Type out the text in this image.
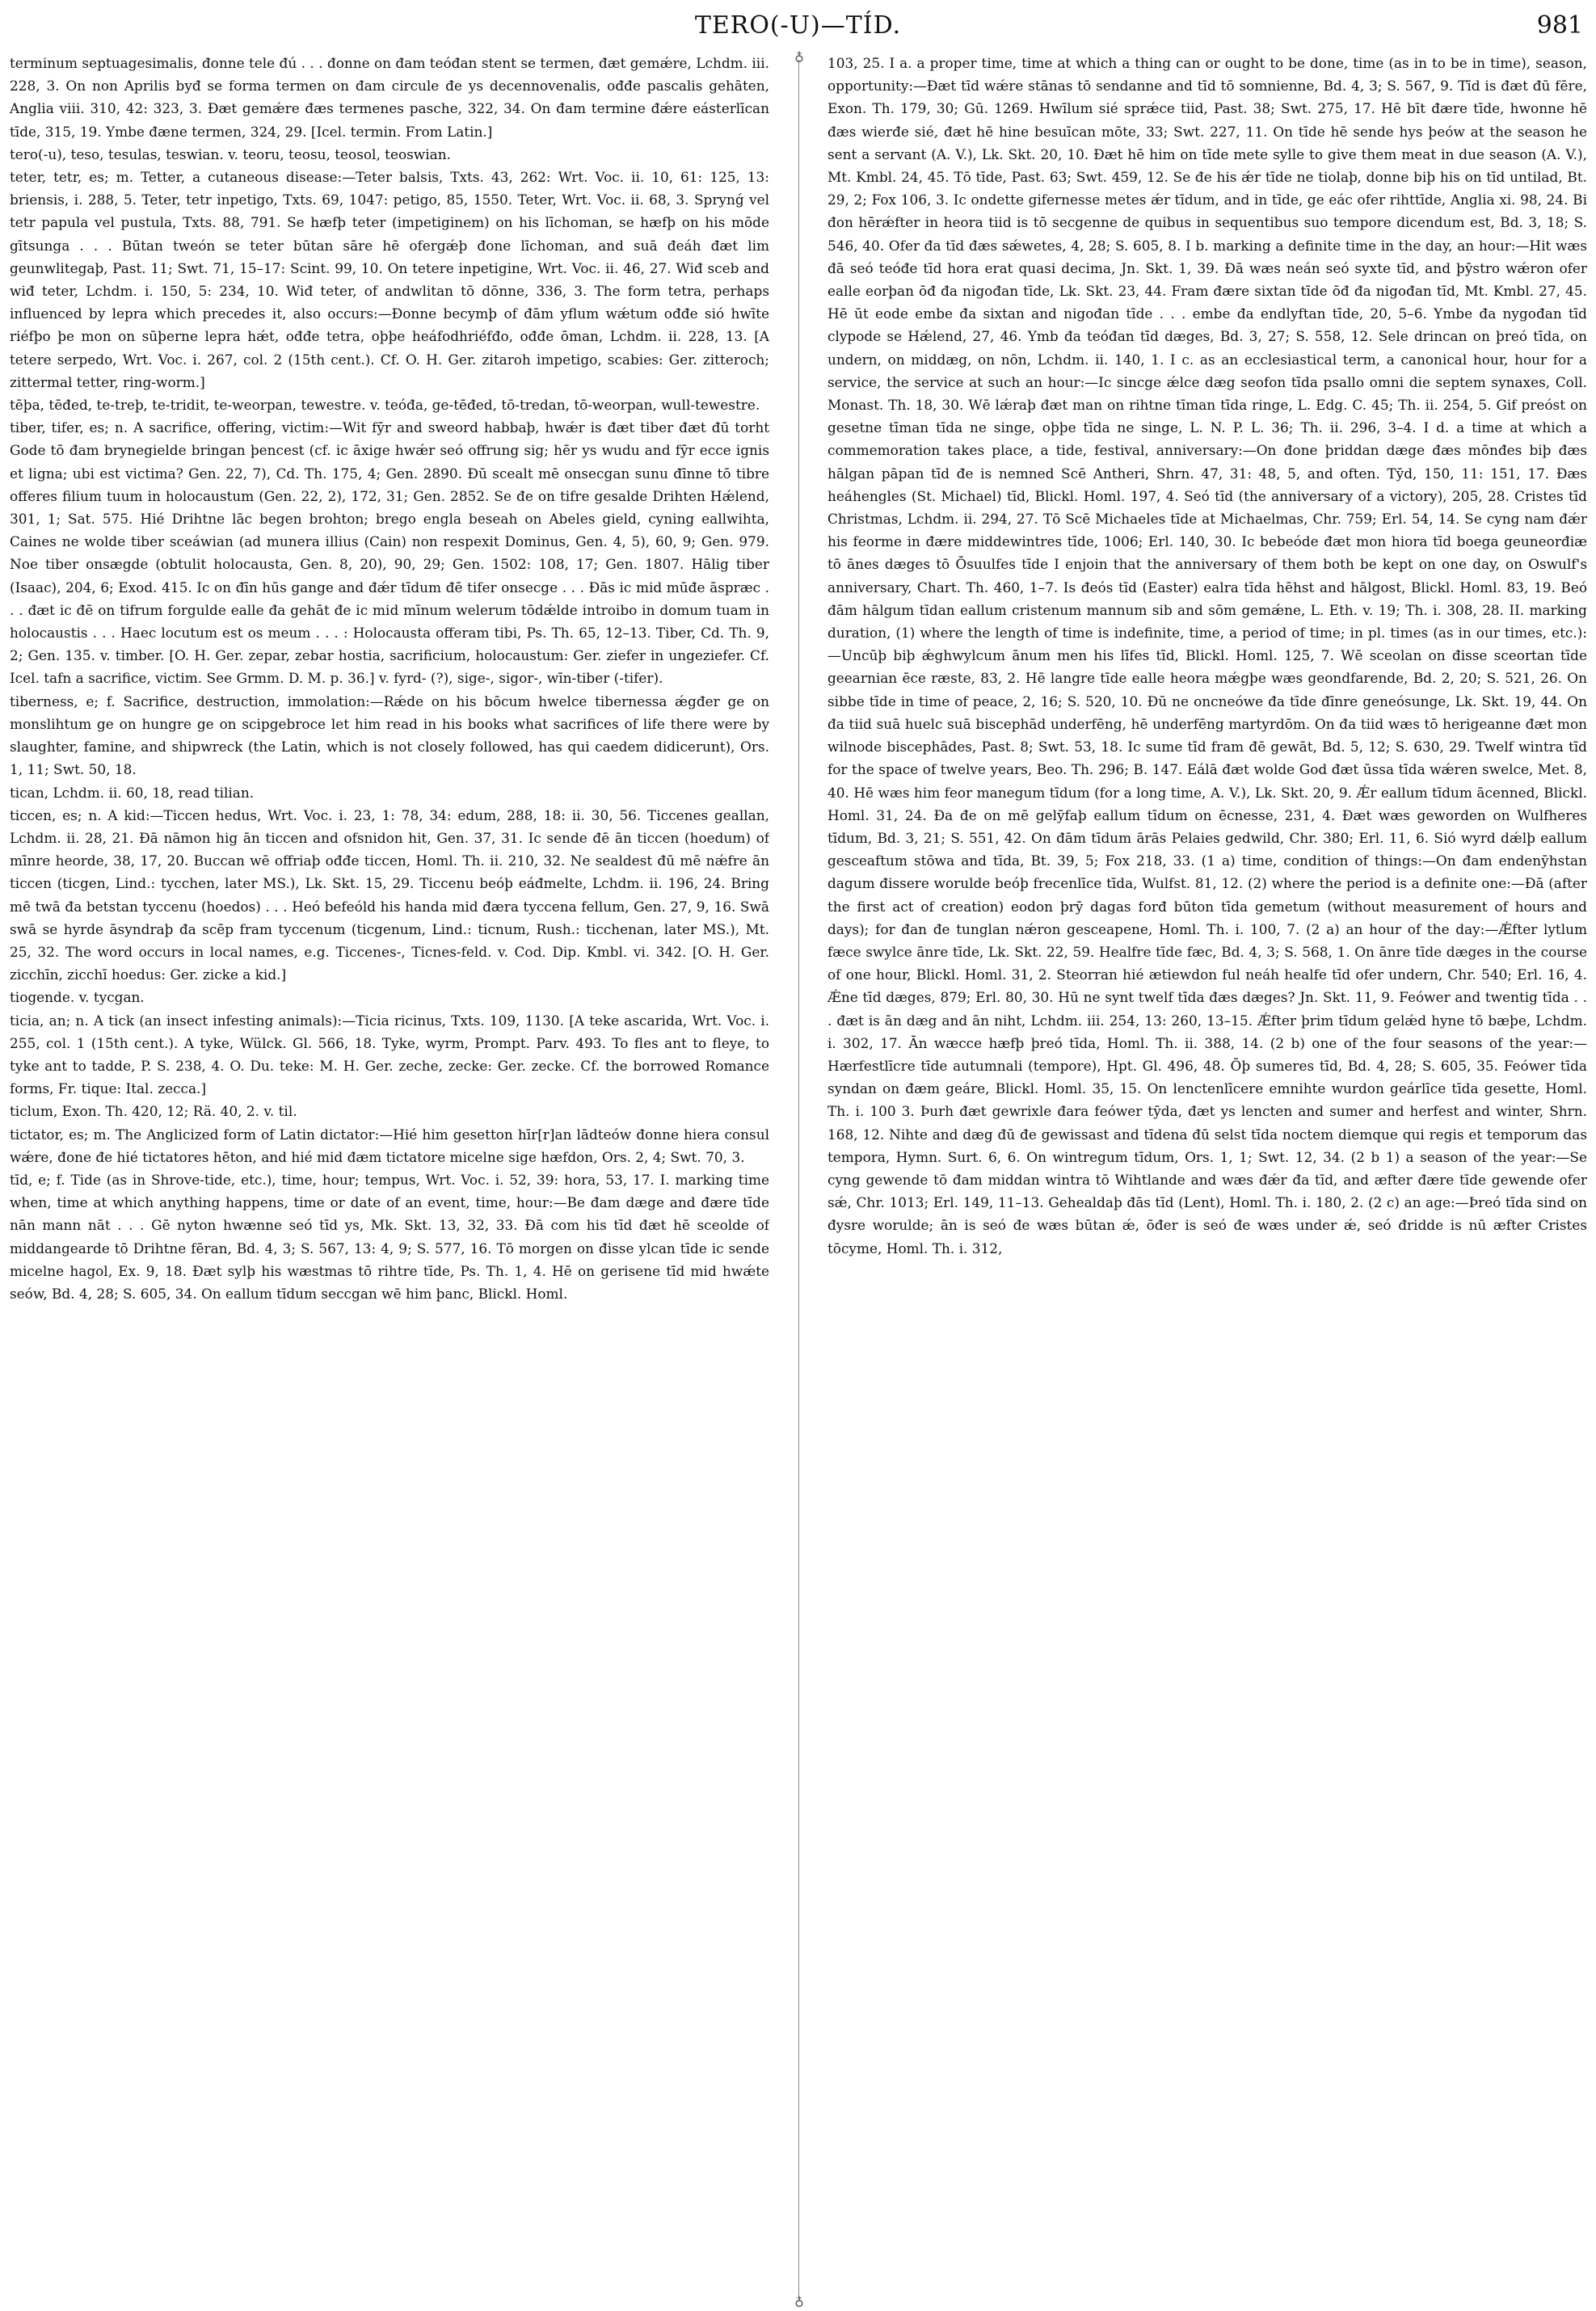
TERO(-U)—TÍD.	981
♁
♁

terminum septuagesimalis, đonne tele đú . . . đonne on đam teóđan stent se termen, đæt gemǽre, Lchdm. iii. 228, 3. On non Aprilis byđ se forma termen on đam circule đe ys decennovenalis, ođđe pascalis gehāten, Anglia viii. 310, 42: 323, 3. Đæt gemǽre đæs termenes pasche, 322, 34. On đam termine đǽre eásterlīcan tīde, 315, 19. Ymbe đæne termen, 324, 29. [Icel. termin. From Latin.]

tero(-u), teso, tesulas, teswian. v. teoru, teosu, teosol, teoswian.

teter, tetr, es; m. Tetter, a cutaneous disease:—Teter balsis, Txts. 43, 262: Wrt. Voc. ii. 10, 61: 125, 13: briensis, i. 288, 5. Teter, tetr inpetigo, Txts. 69, 1047: petigo, 85, 1550. Teter, Wrt. Voc. ii. 68, 3. Sprynǵ vel tetr papula vel pustula, Txts. 88, 791. Se hæfþ teter (impetiginem) on his līchoman, se hæfþ on his mōde gītsunga . . . Būtan tweón se teter būtan sāre hē ofergǽþ đone līchoman, and suā đeáh đæt lim geunwlitegaþ, Past. 11; Swt. 71, 15–17: Scint. 99, 10. On tetere inpetigine, Wrt. Voc. ii. 46, 27. Wiđ sceb and wiđ teter, Lchdm. i. 150, 5: 234, 10. Wiđ teter, of andwlitan tō dōnne, 336, 3. The form tetra, perhaps influenced by lepra which precedes it, also occurs:—Đonne becymþ of đām yflum wǽtum ođđe sió hwīte riéfþo þe mon on sūþerne lepra hǽt, ođđe tetra, oþþe heáfodhriéfđo, ođđe ōman, Lchdm. ii. 228, 13. [A tetere serpedo, Wrt. Voc. i. 267, col. 2 (15th cent.). Cf. O. H. Ger. zitaroh impetigo, scabies: Ger. zitteroch; zittermal tetter, ring-worm.]

tēþa, tēđed, te-treþ, te-tridit, te-weorpan, tewestre. v. teóđa, ge-tēđed, tō-tredan, tō-weorpan, wull-tewestre.

tiber, tifer, es; n. A sacrifice, offering, victim:—Wit fȳr and sweord habbaþ, hwǽr is đæt tiber đæt đū torht Gode tō đam brynegielde bringan þencest (cf. ic āxige hwǽr seó offrung sig; hēr ys wudu and fȳr ecce ignis et ligna; ubi est victima? Gen. 22, 7), Cd. Th. 175, 4; Gen. 2890. Đū scealt mē onsecgan sunu đīnne tō tibre offeres filium tuum in holocaustum (Gen. 22, 2), 172, 31; Gen. 2852. Se đe on tifre gesalde Drihten Hǽlend, 301, 1; Sat. 575. Hié Drihtne lāc begen brohton; brego engla beseah on Abeles gield, cyning eallwihta, Caines ne wolde tiber sceáwian (ad munera illius (Cain) non respexit Dominus, Gen. 4, 5), 60, 9; Gen. 979. Noe tiber onsægde (obtulit holocausta, Gen. 8, 20), 90, 29; Gen. 1502: 108, 17; Gen. 1807. Hālig tiber (Isaac), 204, 6; Exod. 415. Ic on đīn hūs gange and đǽr tīdum đē tifer onsecge . . . Đās ic mid mūđe āspræc . . . đæt ic đē on tifrum forgulde ealle đa gehāt đe ic mid mīnum welerum tōdǽlde introibo in domum tuam in holocaustis . . . Haec locutum est os meum . . . : Holocausta offeram tibi, Ps. Th. 65, 12–13. Tiber, Cd. Th. 9, 2; Gen. 135. v. timber. [O. H. Ger. zepar, zebar hostia, sacrificium, holocaustum: Ger. ziefer in ungeziefer. Cf. Icel. tafn a sacrifice, victim. See Grmm. D. M. p. 36.] v. fyrd- (?), sige-, sigor-, wīn-tiber (-tifer).

tiberness, e; f. Sacrifice, destruction, immolation:—Rǽde on his bōcum hwelce tibernessa ǽgđer ge on monslihtum ge on hungre ge on scipgebroce let him read in his books what sacrifices of life there were by slaughter, famine, and shipwreck (the Latin, which is not closely followed, has qui caedem didicerunt), Ors. 1, 11; Swt. 50, 18.

tican, Lchdm. ii. 60, 18, read tilian.

ticcen, es; n. A kid:—Ticcen hedus, Wrt. Voc. i. 23, 1: 78, 34: edum, 288, 18: ii. 30, 56. Ticcenes geallan, Lchdm. ii. 28, 21. Đā nāmon hig ān ticcen and ofsnidon hit, Gen. 37, 31. Ic sende đē ān ticcen (hoedum) of mīnre heorde, 38, 17, 20. Buccan wē offriaþ ođđe ticcen, Homl. Th. ii. 210, 32. Ne sealdest đū mē nǽfre ān ticcen (ticgen, Lind.: tycchen, later MS.), Lk. Skt. 15, 29. Ticcenu beóþ eáđmelte, Lchdm. ii. 196, 24. Bring mē twā đa betstan tyccenu (hoedos) . . . Heó befeóld his handa mid đæra tyccena fellum, Gen. 27, 9, 16. Swā swā se hyrde āsyndraþ đa scēp fram tyccenum (ticgenum, Lind.: ticnum, Rush.: ticchenan, later MS.), Mt. 25, 32. The word occurs in local names, e.g. Ticcenes-, Ticnes-feld. v. Cod. Dip. Kmbl. vi. 342. [O. H. Ger. zicchīn, zicchī hoedus: Ger. zicke a kid.]

tiogende. v. tycgan.

ticia, an; n. A tick (an insect infesting animals):—Ticia ricinus, Txts. 109, 1130. [A teke ascarida, Wrt. Voc. i. 255, col. 1 (15th cent.). A tyke, Wülck. Gl. 566, 18. Tyke, wyrm, Prompt. Parv. 493. To fles ant to fleye, to tyke ant to tadde, P. S. 238, 4. O. Du. teke: M. H. Ger. zeche, zecke: Ger. zecke. Cf. the borrowed Romance forms, Fr. tique: Ital. zecca.]

ticlum, Exon. Th. 420, 12; Rä. 40, 2. v. til.

tictator, es; m. The Anglicized form of Latin dictator:—Hié him gesetton hīr[r]an lādteów đonne hiera consul wǽre, đone đe hié tictatores hēton, and hié mid đæm tictatore micelne sige hæfdon, Ors. 2, 4; Swt. 70, 3.

tīd, e; f. Tide (as in Shrove-tide, etc.), time, hour; tempus, Wrt. Voc. i. 52, 39: hora, 53, 17. I. marking time when, time at which anything happens, time or date of an event, time, hour:—Be đam dæge and đære tīde nān mann nāt . . . Gē nyton hwænne seó tīd ys, Mk. Skt. 13, 32, 33. Đā com his tīd đæt hē sceolde of middangearde tō Drihtne fēran, Bd. 4, 3; S. 567, 13: 4, 9; S. 577, 16. Tō morgen on đisse ylcan tīde ic sende micelne hagol, Ex. 9, 18. Đæt sylþ his wæstmas tō rihtre tīde, Ps. Th. 1, 4. Hē on gerisene tīd mid hwǽte seów, Bd. 4, 28; S. 605, 34. On eallum tīdum seccgan wē him þanc, Blickl. Homl.

103, 25. I a. a proper time, time at which a thing can or ought to be done, time (as in to be in time), season, opportunity:—Đæt tīd wǽre stānas tō sendanne and tīd tō somnienne, Bd. 4, 3; S. 567, 9. Tīd is đæt đū fēre, Exon. Th. 179, 30; Gū. 1269. Hwīlum sié sprǽce tiid, Past. 38; Swt. 275, 17. Hē bīt đære tīde, hwonne hē đæs wierđe sié, đæt hē hine besuīcan mōte, 33; Swt. 227, 11. On tīde hē sende hys þeów at the season he sent a servant (A. V.), Lk. Skt. 20, 10. Đæt hē him on tīde mete sylle to give them meat in due season (A. V.), Mt. Kmbl. 24, 45. Tō tīde, Past. 63; Swt. 459, 12. Se đe his ǽr tīde ne tiolaþ, donne biþ his on tīd untilad, Bt. 29, 2; Fox 106, 3. Ic ondette gifernesse metes ǽr tīdum, and in tīde, ge eác ofer rihttīde, Anglia xi. 98, 24. Bi đon hērǽfter in heora tiid is tō secgenne de quibus in sequentibus suo tempore dicendum est, Bd. 3, 18; S. 546, 40. Ofer đa tīd đæs sǽwetes, 4, 28; S. 605, 8. I b. marking a definite time in the day, an hour:—Hit wæs đā seó teóđe tīd hora erat quasi decima, Jn. Skt. 1, 39. Đā wæs neán seó syxte tīd, and þȳstro wǽron ofer ealle eorþan ōđ đa nigođan tīde, Lk. Skt. 23, 44. Fram đære sixtan tīde ōđ đa nigođan tīd, Mt. Kmbl. 27, 45. Hē ūt eode embe đa sixtan and nigođan tīde . . . embe đa endlyftan tīde, 20, 5–6. Ymbe đa nygođan tīd clypode se Hǽlend, 27, 46. Ymb đa teóđan tīd dæges, Bd. 3, 27; S. 558, 12. Sele drincan on þreó tīda, on undern, on middæg, on nōn, Lchdm. ii. 140, 1. I c. as an ecclesiastical term, a canonical hour, hour for a service, the service at such an hour:—Ic sincge ǽlce dæg seofon tīda psallo omni die septem synaxes, Coll. Monast. Th. 18, 30. Wē lǽraþ đæt man on rihtne tīman tīda ringe, L. Edg. C. 45; Th. ii. 254, 5. Gif preóst on gesetne tīman tīda ne singe, oþþe tīda ne singe, L. N. P. L. 36; Th. ii. 296, 3–4. I d. a time at which a commemoration takes place, a tide, festival, anniversary:—On đone þriddan dæge đæs mōnđes biþ đæs hālgan pāpan tīd đe is nemned Scē Antheri, Shrn. 47, 31: 48, 5, and often. Tȳd, 150, 11: 151, 17. Đæs heáhengles (St. Michael) tīd, Blickl. Homl. 197, 4. Seó tīd (the anniversary of a victory), 205, 28. Cristes tīd Christmas, Lchdm. ii. 294, 27. Tō Scē Michaeles tīde at Michaelmas, Chr. 759; Erl. 54, 14. Se cyng nam đǽr his feorme in đære middewintres tīde, 1006; Erl. 140, 30. Ic bebeóde đæt mon hiora tīd boega geuneorđiæ tō ānes dæges tō Ōsuulfes tīde I enjoin that the anniversary of them both be kept on one day, on Oswulf's anniversary, Chart. Th. 460, 1–7. Is đeós tīd (Easter) ealra tīda hēhst and hālgost, Blickl. Homl. 83, 19. Beó đām hālgum tīdan eallum cristenum mannum sib and sōm gemǽne, L. Eth. v. 19; Th. i. 308, 28. II. marking duration, (1) where the length of time is indefinite, time, a period of time; in pl. times (as in our times, etc.):—Uncūþ biþ ǽghwylcum ānum men his līfes tīd, Blickl. Homl. 125, 7. Wē sceolan on đisse sceortan tīde geearnian ēce ræste, 83, 2. Hē langre tīde ealle heora mǽgþe wæs geondfarende, Bd. 2, 20; S. 521, 26. On sibbe tīde in time of peace, 2, 16; S. 520, 10. Đū ne oncneówe đa tīde đīnre geneósunge, Lk. Skt. 19, 44. On đa tiid suā huelc suā biscephād underfēng, hē underfēng martyrdōm. On đa tiid wæs tō herigeanne đæt mon wilnode biscephādes, Past. 8; Swt. 53, 18. Ic sume tīd fram đē gewāt, Bd. 5, 12; S. 630, 29. Twelf wintra tīd for the space of twelve years, Beo. Th. 296; B. 147. Eálā đæt wolde God đæt ūssa tīda wǽren swelce, Met. 8, 40. Hē wæs him feor manegum tīdum (for a long time, A. V.), Lk. Skt. 20, 9. Ǽr eallum tīdum ācenned, Blickl. Homl. 31, 24. Đa đe on mē gelȳfaþ eallum tīdum on ēcnesse, 231, 4. Đæt wæs geworden on Wulfheres tīdum, Bd. 3, 21; S. 551, 42. On đām tīdum ārās Pelaies gedwild, Chr. 380; Erl. 11, 6. Sió wyrd dǽlþ eallum gesceaftum stōwa and tīda, Bt. 39, 5; Fox 218, 33. (1 a) time, condition of things:—On đam endenȳhstan dagum đissere worulde beóþ frecenlīce tīda, Wulfst. 81, 12. (2) where the period is a definite one:—Đā (after the first act of creation) eodon þrȳ dagas forđ būton tīda gemetum (without measurement of hours and days); for đan đe tunglan nǽron gesceapene, Homl. Th. i. 100, 7. (2 a) an hour of the day:—Ǽfter lytlum fæce swylce ānre tīde, Lk. Skt. 22, 59. Healfre tīde fæc, Bd. 4, 3; S. 568, 1. On ānre tīde dæges in the course of one hour, Blickl. Homl. 31, 2. Steorran hié ætiewdon ful neáh healfe tīd ofer undern, Chr. 540; Erl. 16, 4. Ǽne tīd dæges, 879; Erl. 80, 30. Hū ne synt twelf tīda đæs dæges? Jn. Skt. 11, 9. Feówer and twentig tīda . . . đæt is ān dæg and ān niht, Lchdm. iii. 254, 13: 260, 13–15. Ǽfter þrim tīdum gelǽd hyne tō bæþe, Lchdm. i. 302, 17. Ān wæcce hæfþ þreó tīda, Homl. Th. ii. 388, 14. (2 b) one of the four seasons of the year:—Hærfestlīcre tīde autumnali (tempore), Hpt. Gl. 496, 48. Ōþ sumeres tīd, Bd. 4, 28; S. 605, 35. Feówer tīda syndan on đæm geáre, Blickl. Homl. 35, 15. On lenctenlīcere emnihte wurdon geárlīce tīda gesette, Homl. Th. i. 100 3. Þurh đæt gewrixle đara feówer tȳda, đæt ys lencten and sumer and herfest and winter, Shrn. 168, 12. Nihte and dæg đū đe gewissast and tīdena đū selst tīda noctem diemque qui regis et temporum das tempora, Hymn. Surt. 6, 6. On wintregum tīdum, Ors. 1, 1; Swt. 12, 34. (2 b 1) a season of the year:—Se cyng gewende tō đam middan wintra tō Wihtlande and wæs đǽr đa tīd, and æfter đære tīde gewende ofer sǽ, Chr. 1013; Erl. 149, 11–13. Gehealdaþ đās tīd (Lent), Homl. Th. i. 180, 2. (2 c) an age:—Þreó tīda sind on đysre worulde; ān is seó đe wæs būtan ǽ, ōđer is seó đe wæs under ǽ, seó đridde is nū æfter Cristes tōcyme, Homl. Th. i. 312,
